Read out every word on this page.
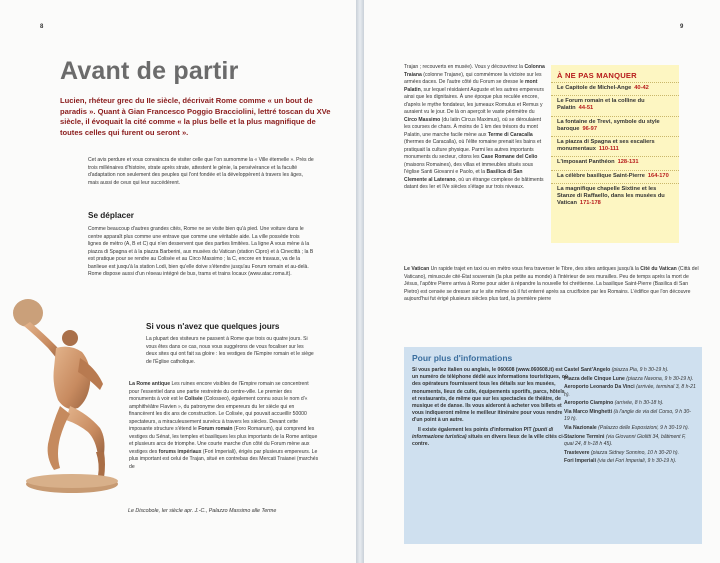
8
Avant de partir
Lucien, rhéteur grec du IIe siècle, décrivait Rome comme « un bout de paradis ». Quant à Gian Francesco Poggio Bracciolini, lettré toscan du XVe siècle, il évoquait la cité comme « la plus belle et la plus magnifique de toutes celles qui furent ou seront ».
Cet avis perdure et vous convaincra de visiter celle que l'on surnomme la « Ville éternelle ». Près de trois millénaires d'histoire, strate après strate, attestent le génie, la persévérance et la faculté d'adaptation non seulement des peuples qui l'ont fondée et la développèrent à travers les âges, mais aussi de ceux qui leur succédèrent.
Se déplacer
Comme beaucoup d'autres grandes cités, Rome ne se visite bien qu'à pied. Une voiture dans le centre apparaît plus comme une entrave que comme une véritable aide. La ville possède trois lignes de métro (A, B et C) qui n'en desservent que des parties limitées. La ligne A vous mène à la piazza di Spagna et à la piazza Barberini, aux musées du Vatican (station Cipro) et à Cinecittà ; la B est pratique pour se rendre au Colisée et au Circo Massimo ; la C, encore en travaux, va de la banlieue est jusqu'à la station Lodi, bien qu'elle doive s'étendre jusqu'au Forum romain et au-delà. Rome dispose aussi d'un réseau intégré de bus, trams et trains locaux (www.atac.roma.it).
Si vous n'avez que quelques jours
La plupart des visiteurs ne passent à Rome que trois ou quatre jours. Si vous êtes dans ce cas, nous vous suggérons de vous focaliser sur les deux sites qui ont fait sa gloire : les vestiges de l'Empire romain et le siège de l'Église catholique.
La Rome antique Les ruines encore visibles de l'Empire romain se concentrent pour l'essentiel dans une partie restreinte du centre-ville. Le premier des monuments à voir est le Colisée (Colosseo), également connu sous le nom d'« amphithéâtre Flavien », du patronyme des empereurs du Ier siècle qui en financèrent les dix ans de construction. Le Colisée, qui pouvait accueillir 50000 spectateurs, a miraculeusement survécu à travers les siècles. Devant cette imposante structure s'étend le Forum romain (Foro Romanum), qui comprend les vestiges du Sénat, les temples et basiliques les plus importants de la Rome antique et plusieurs arcs de triomphe. Une courte marche d'un côté du Forum mène aux vestiges des forums impériaux (Fori Imperiali), érigés par plusieurs empereurs. Le plus important est celui de Trajan, situé en contrebas des Mercati Traianei (marchés de
Le Discobole, Ier siècle apr. J.-C., Palazzo Massimo alle Terme
9
Trajan ; recouverts en musée). Vous y découvrirez la Colonna Traiana (colonne Trajane), qui commémore la victoire sur les armées daces. De l'autre côté du Forum se dresse le mont Palatin, sur lequel résidaient Auguste et les autres empereurs ainsi que les dignitaires. À une époque plus reculée encore, d'après le mythe fondateur, les jumeaux Romulus et Remus y auraient vu le jour. De là on aperçoit le vaste périmètre du Circo Massimo (du latin Circus Maximus), où se déroulaient les courses de chars. À moins de 1 km des trésors du mont Palatin, une marche facile mène aux Terme di Caracalla (thermes de Caracalla), où l'élite romaine prenait les bains et pratiquait la culture physique. Parmi les autres importants monuments du secteur, citons les Case Romane del Celio (maisons Romaines), des villas et immeubles situés sous l'église Santi Giovanni e Paolo, et la Basilica di San Clemente al Laterano, où un étrange complexe de bâtiments datant des Ier et IVe siècles s'étage sur trois niveaux.
À NE PAS MANQUER
Le Capitole de Michel-Ange 40-42
Le Forum romain et la colline du Palatin 44-51
La fontaine de Trevi, symbole du style baroque 96-97
La piazza di Spagna et ses escaliers monumentaux 110-111
L'imposant Panthéon 128-131
La célèbre basilique Saint-Pierre 164-170
La magnifique chapelle Sixtine et les Stanze di Raffaello, dans les musées du Vatican 171-178
Le Vatican Un rapide trajet en taxi ou en métro vous fera traverser le Tibre, des sites antiques jusqu'à la Cité du Vatican (Città del Vaticano), minuscule cité-État souverain (la plus petite au monde) à l'intérieur de ses murailles. Peu de temps après la mort de Jésus, l'apôtre Pierre arriva à Rome pour aider à répandre la nouvelle foi chrétienne. La basilique Saint-Pierre (Basilica di San Pietro) est censée se dresser sur le site même où il fut enterré après sa crucifixion par les Romains. L'édifice que l'on découvre aujourd'hui fut érigé plusieurs siècles plus tard, la première pierre
Pour plus d'informations
Si vous parlez italien ou anglais, le 060608 (www.060608.it) est un numéro de téléphone dédié aux informations touristiques, où des opérateurs fournissent tous les détails sur les musées, monuments, lieux de culte, équipements sportifs, parcs, hôtels et restaurants, de même que sur les spectacles de théâtre, de musique et de danse. Ils vous aideront à acheter vos billets et vous indiqueront même le meilleur itinéraire pour vous rendre d'un point à un autre.
Il existe également les points d'information PIT (punti di informazione turistica) situés en divers lieux de la ville cités ci-contre.
Castel Sant'Angelo (piazza Pia, 9 h 30-19 h).
Piazza delle Cinque Lune (piazza Navona, 9 h 30-19 h).
Aeroporto Leonardo Da Vinci (arrivée, terminal 3, 8 h-21 h).
Aeroporto Ciampino (arrivée, 8 h 30-18 h).
Via Marco Minghetti (à l'angle de via del Corso, 9 h 30-19 h).
Via Nazionale (Palazzo delle Esposizioni, 9 h 30-19 h).
Stazione Termini (via Giovanni Giolitti 34, bâtiment F, quai 24, 8 h-18 h 45).
Trastevere (piazza Sidney Sonnino, 10 h 30-20 h).
Fori Imperiali (via dei Fori Imperiali, 9 h 30-19 h).
